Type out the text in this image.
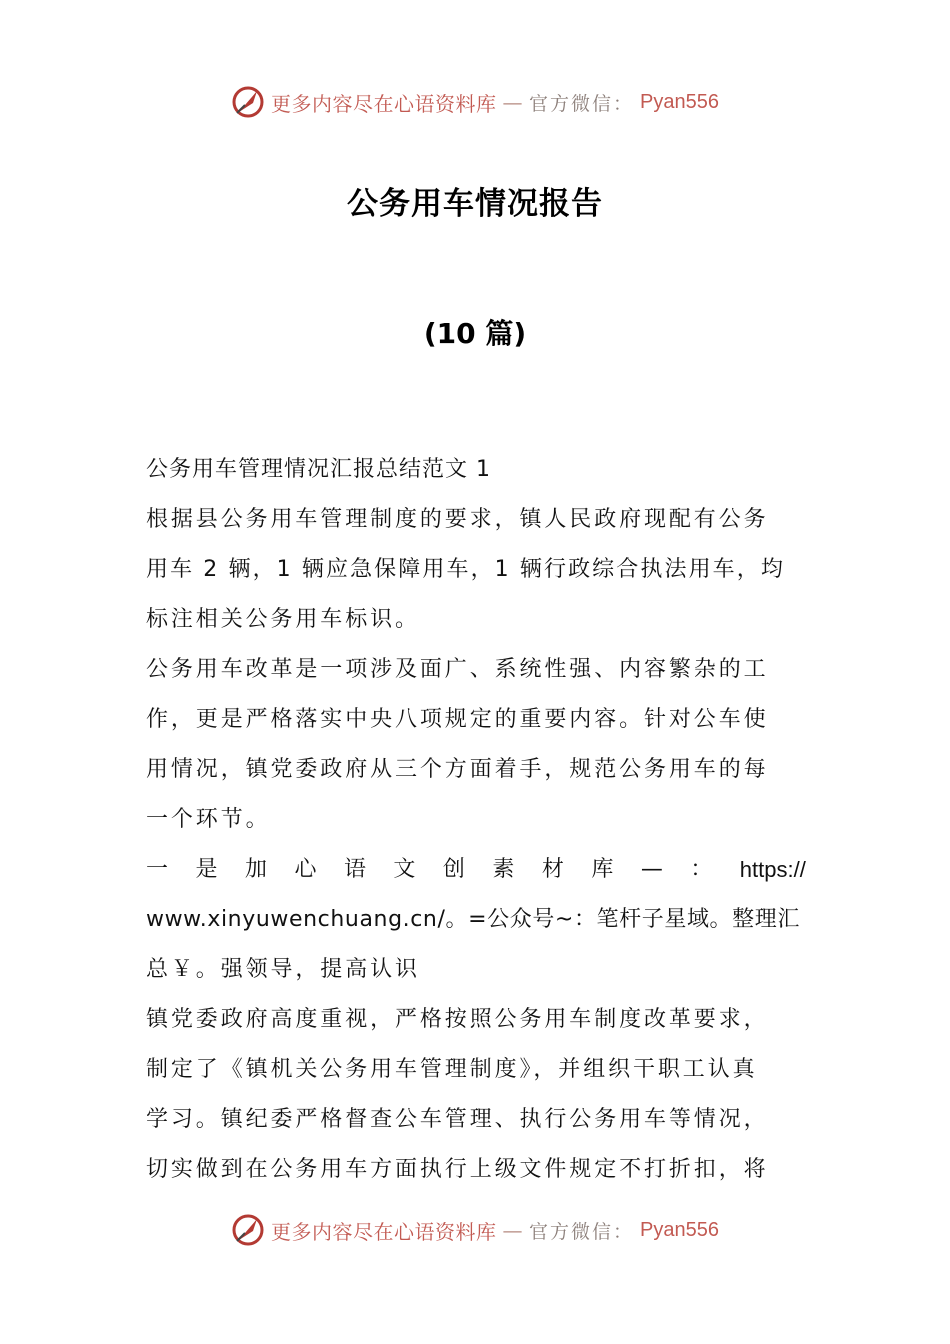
更多内容尽在心语资料库 — 官方微信： Pyan556
公务用车情况报告
(10 篇)
公务用车管理情况汇报总结范文 1
根据县公务用车管理制度的要求，镇人民政府现配有公务
用车 2 辆，1 辆应急保障用车，1 辆行政综合执法用车，均
标注相关公务用车标识。
公务用车改革是一项涉及面广、系统性强、内容繁杂的工
作，更是严格落实中央八项规定的重要内容。针对公车使
用情况，镇党委政府从三个方面着手，规范公务用车的每
一个环节。
一 是 加 心 语 文 创 素 材 库 — ： https://
www.xinyuwenchuang.cn/。=公众号~：笔杆子星域。整理汇
总￥。强领导，提高认识
镇党委政府高度重视，严格按照公务用车制度改革要求，
制定了《镇机关公务用车管理制度》，并组织干职工认真
学习。镇纪委严格督查公车管理、执行公务用车等情况，
切实做到在公务用车方面执行上级文件规定不打折扣，将
更多内容尽在心语资料库 — 官方微信： Pyan556
